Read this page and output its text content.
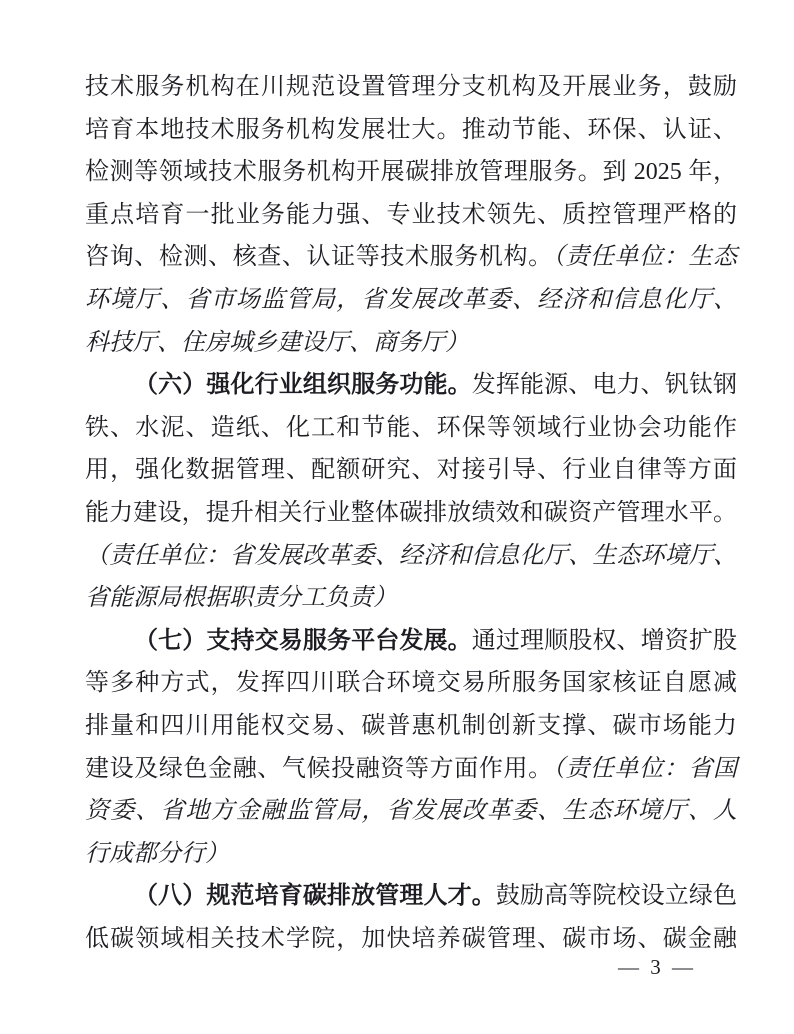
技术服务机构在川规范设置管理分支机构及开展业务，鼓励
培育本地技术服务机构发展壮大。推动节能、环保、认证、
检测等领域技术服务机构开展碳排放管理服务。到 2025 年，
重点培育一批业务能力强、专业技术领先、质控管理严格的
咨询、检测、核查、认证等技术服务机构。（责任单位：生态
环境厅、省市场监管局，省发展改革委、经济和信息化厅、
科技厅、住房城乡建设厅、商务厅）
（六）强化行业组织服务功能。发挥能源、电力、钒钛钢
铁、水泥、造纸、化工和节能、环保等领域行业协会功能作
用，强化数据管理、配额研究、对接引导、行业自律等方面
能力建设，提升相关行业整体碳排放绩效和碳资产管理水平。
（责任单位：省发展改革委、经济和信息化厅、生态环境厅、
省能源局根据职责分工负责）
（七）支持交易服务平台发展。通过理顺股权、增资扩股
等多种方式，发挥四川联合环境交易所服务国家核证自愿减
排量和四川用能权交易、碳普惠机制创新支撑、碳市场能力
建设及绿色金融、气候投融资等方面作用。（责任单位：省国
资委、省地方金融监管局，省发展改革委、生态环境厅、人
行成都分行）
（八）规范培育碳排放管理人才。鼓励高等院校设立绿色
低碳领域相关技术学院，加快培养碳管理、碳市场、碳金融
— 3 —
